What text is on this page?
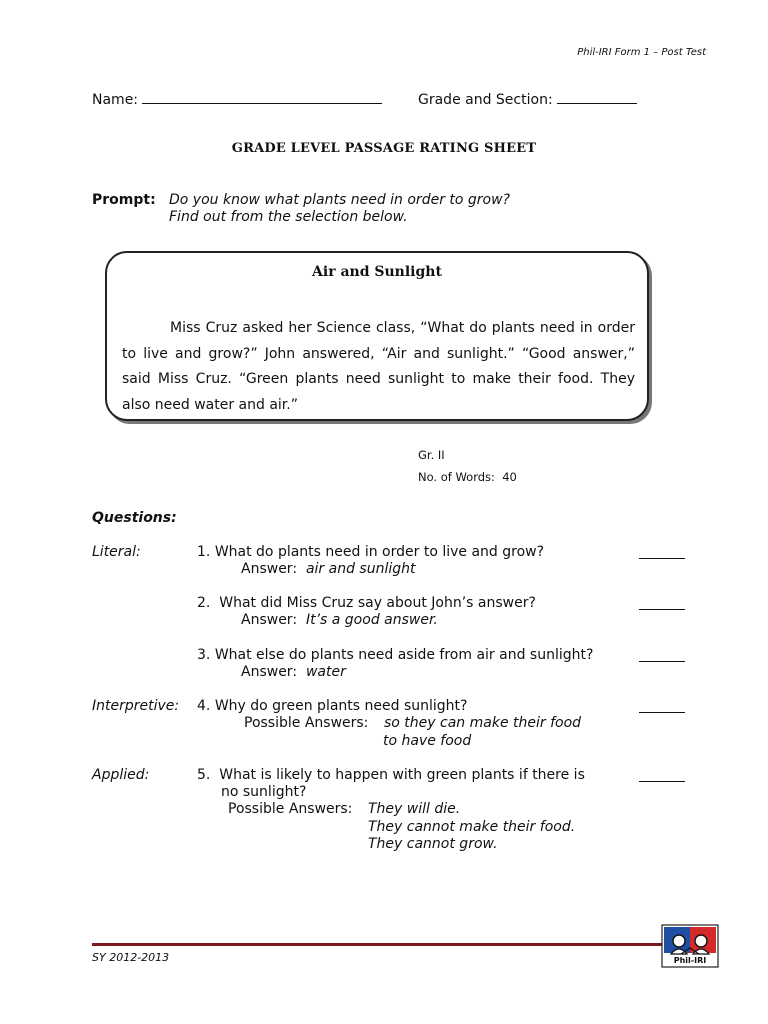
Phil-IRI Form 1 – Post Test
Name:	Grade and Section:
GRADE LEVEL PASSAGE RATING SHEET
Prompt: Do you know what plants need in order to grow?
Find out from the selection below.
Air and Sunlight
Miss Cruz asked her Science class, “What do plants need in order to live and grow?” John answered, “Air and sunlight.” “Good answer,” said Miss Cruz. “Green plants need sunlight to make their food. They also need water and air.”
Gr. II
No. of Words: 40
Questions:
Literal:	1. What do plants need in order to live and grow?
Answer: air and sunlight
2. What did Miss Cruz say about John’s answer?
Answer: It’s a good answer.
3. What else do plants need aside from air and sunlight?
Answer: water
Interpretive: 4. Why do green plants need sunlight?
Possible Answers: so they can make their food
to have food
Applied:	5. What is likely to happen with green plants if there is
no sunlight?
Possible Answers: They will die.
They cannot make their food.
They cannot grow.
SY 2012-2013	Phil-IRI
